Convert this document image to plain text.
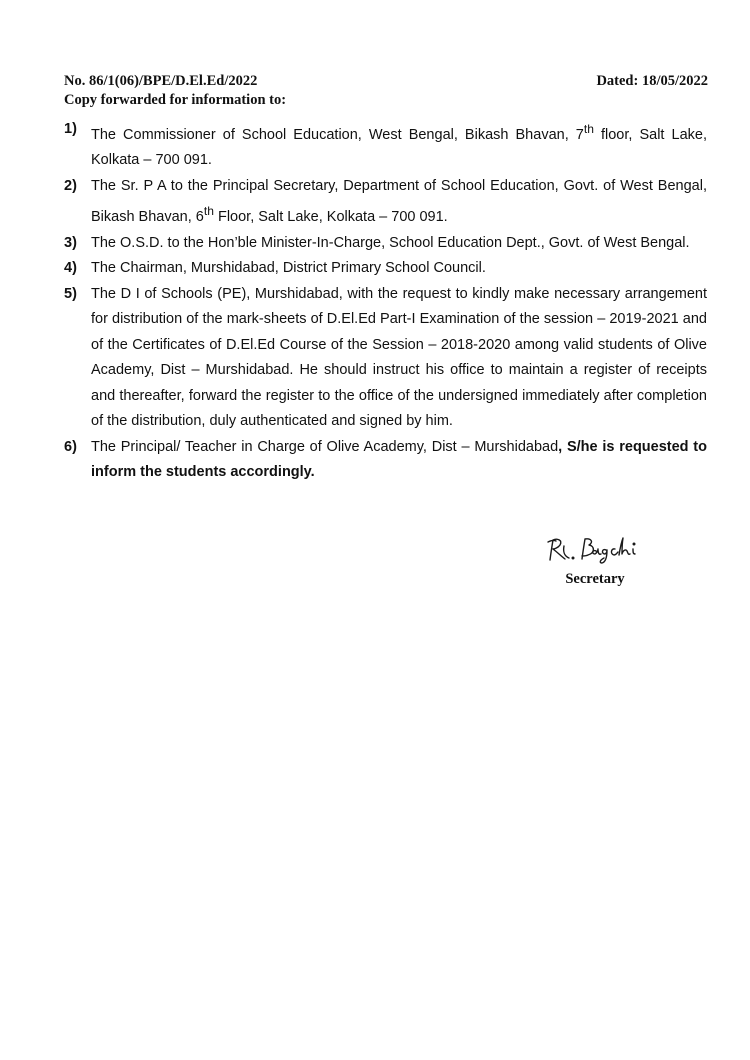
No. 86/1(06)/BPE/D.El.Ed/2022	Dated: 18/05/2022
Copy forwarded for information to:
1) The Commissioner of School Education, West Bengal, Bikash Bhavan, 7th floor, Salt Lake, Kolkata – 700 091.
2) The Sr. P A to the Principal Secretary, Department of School Education, Govt. of West Bengal, Bikash Bhavan, 6th Floor, Salt Lake, Kolkata – 700 091.
3) The O.S.D. to the Hon’ble Minister-In-Charge, School Education Dept., Govt. of West Bengal.
4) The Chairman, Murshidabad, District Primary School Council.
5) The D I of Schools (PE), Murshidabad, with the request to kindly make necessary arrangement for distribution of the mark-sheets of D.El.Ed Part-I Examination of the session – 2019-2021 and of the Certificates of D.El.Ed Course of the Session – 2018-2020 among valid students of Olive Academy, Dist – Murshidabad. He should instruct his office to maintain a register of receipts and thereafter, forward the register to the office of the undersigned immediately after completion of the distribution, duly authenticated and signed by him.
6) The Principal/ Teacher in Charge of Olive Academy, Dist – Murshidabad, S/he is requested to inform the students accordingly.
Secretary
